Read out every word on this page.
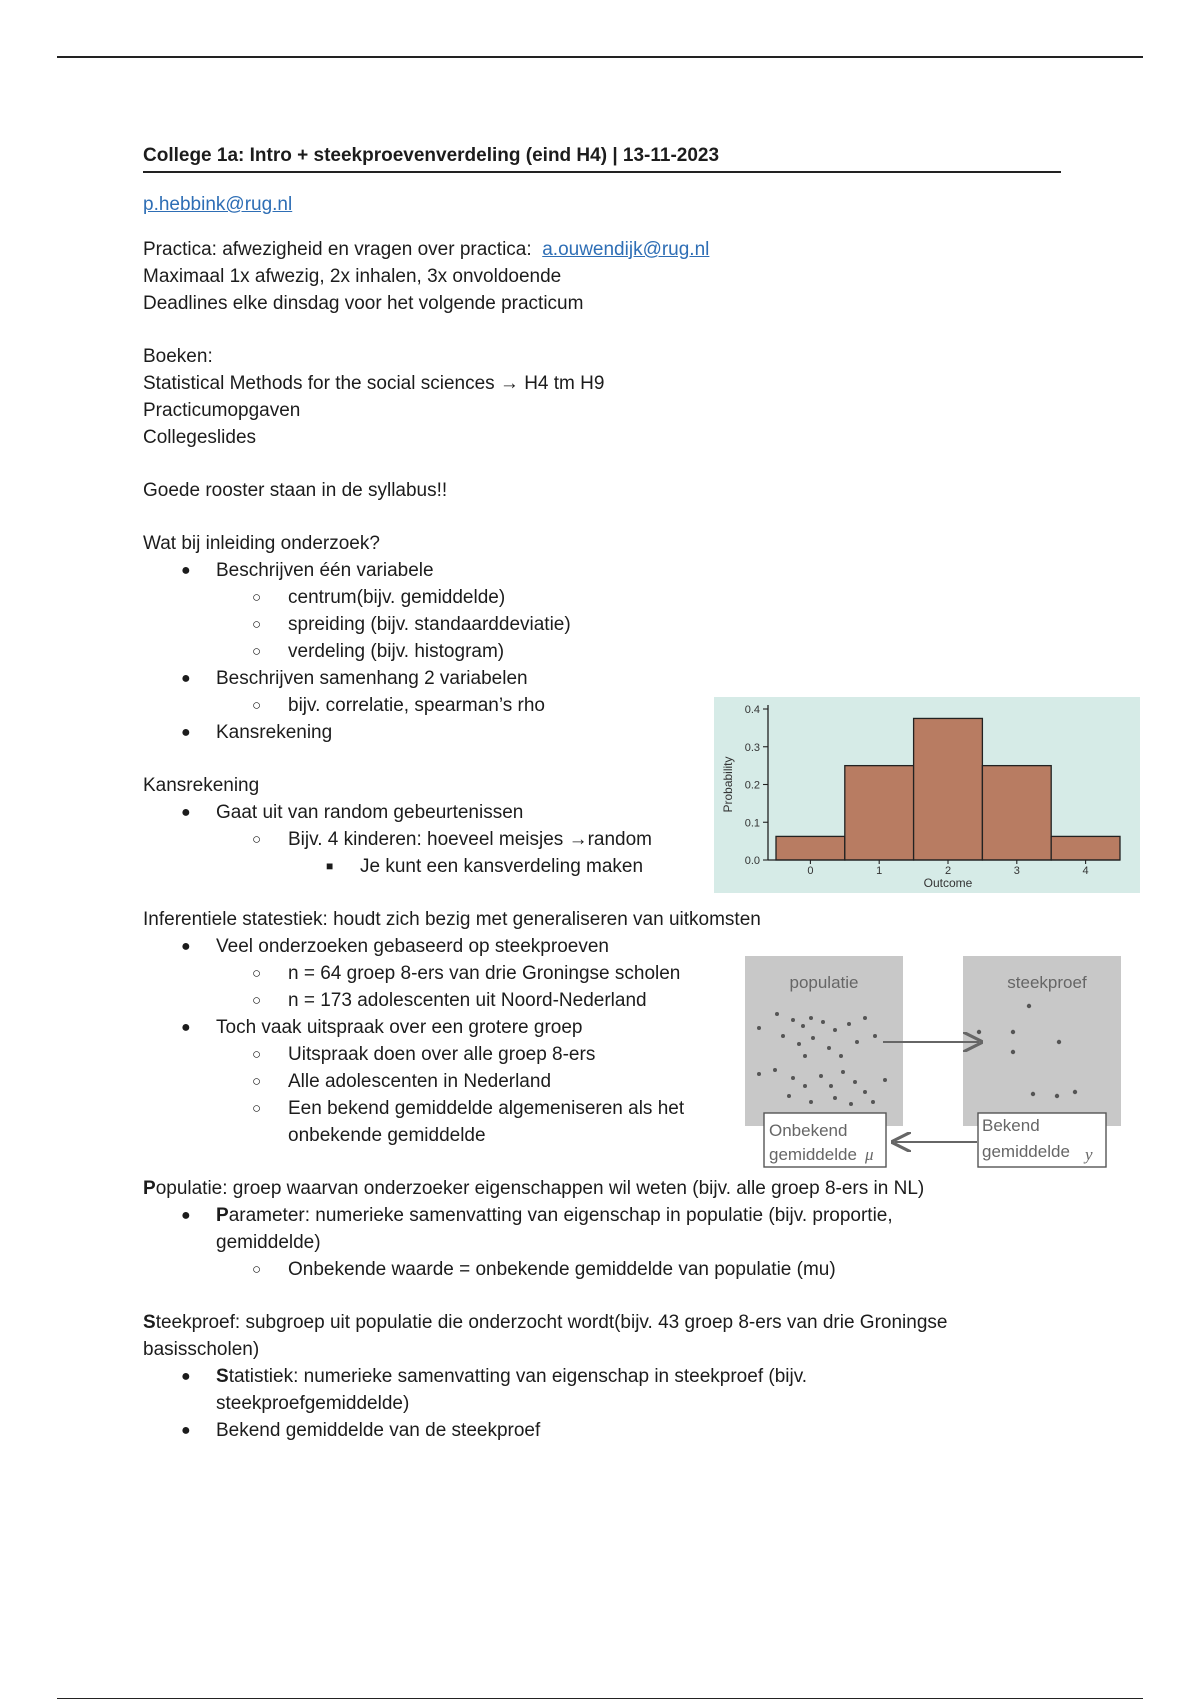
College 1a: Intro + steekproevenverdeling (eind H4) | 13-11-2023

p.hebbink@rug.nl
Practica: afwezigheid en vragen over practica: a.ouwendijk@rug.nl
Maximaal 1x afwezig, 2x inhalen, 3x onvoldoende
Deadlines elke dinsdag voor het volgende practicum
Boeken:
Statistical Methods for the social sciences → H4 tm H9
Practicumopgaven
Collegeslides
Goede rooster staan in de syllabus!!
Wat bij inleiding onderzoek?
● Beschrijven één variabele
○ centrum(bijv. gemiddelde)
○ spreiding (bijv. standaarddeviatie)
○ verdeling (bijv. histogram)
● Beschrijven samenhang 2 variabelen
○ bijv. correlatie, spearman’s rho
● Kansrekening
Kansrekening
● Gaat uit van random gebeurtenissen
○ Bijv. 4 kinderen: hoeveel meisjes →random
■ Je kunt een kansverdeling maken
Inferentiele statestiek: houdt zich bezig met generaliseren van uitkomsten
● Veel onderzoeken gebaseerd op steekproeven
○ n = 64 groep 8-ers van drie Groningse scholen
○ n = 173 adolescenten uit Noord-Nederland
● Toch vaak uitspraak over een grotere groep
○ Uitspraak doen over alle groep 8-ers
○ Alle adolescenten in Nederland
○ Een bekend gemiddelde algemeniseren als het onbekende gemiddelde
Populatie: groep waarvan onderzoeker eigenschappen wil weten (bijv. alle groep 8-ers in NL)
● Parameter: numerieke samenvatting van eigenschap in populatie (bijv. proportie, gemiddelde)
○ Onbekende waarde = onbekende gemiddelde van populatie (mu)
Steekproef: subgroep uit populatie die onderzocht wordt(bijv. 43 groep 8-ers van drie Groningse basisscholen)
● Statistiek: numerieke samenvatting van eigenschap in steekproef (bijv. steekproefgemiddelde)
● Bekend gemiddelde van de steekproef
0.0
0.1
0.2
0.3
0.4
0	1	2	3	4
Outcome
Probability
populatie	steekproef
Onbekend
gemiddelde μ
Bekend
gemiddelde y
